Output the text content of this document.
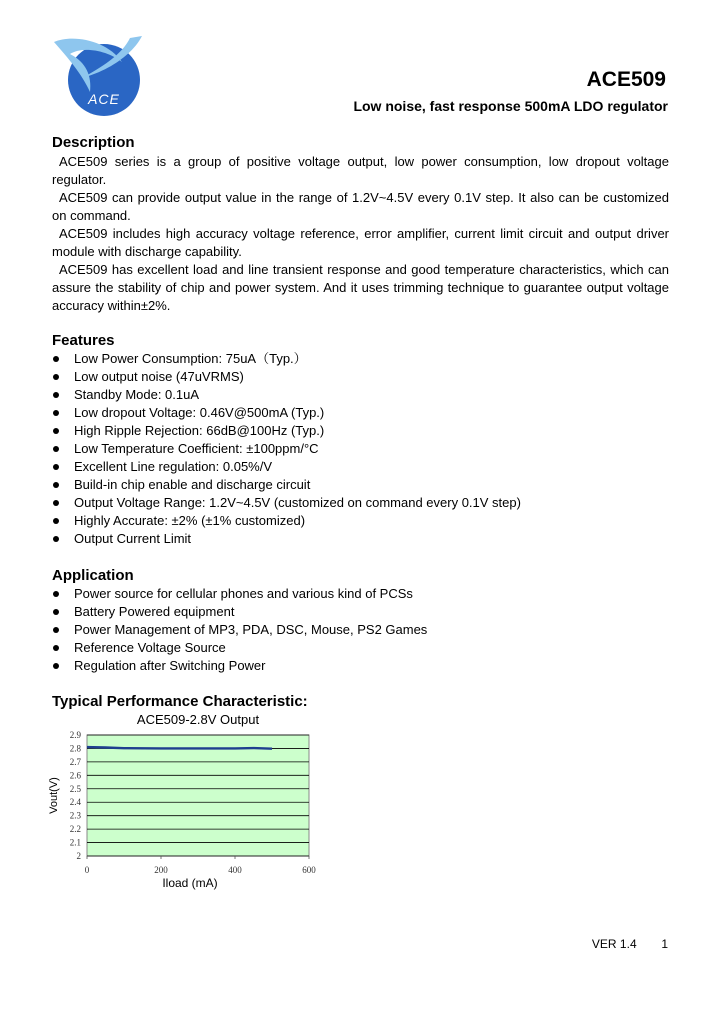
ACE
ACE509
Low noise, fast response 500mA LDO regulator
Description
ACE509 series is a group of positive voltage output, low power consumption, low dropout voltage regulator.
ACE509 can provide output value in the range of 1.2V~4.5V every 0.1V step. It also can be customized on command.
ACE509 includes high accuracy voltage reference, error amplifier, current limit circuit and output driver module with discharge capability.
ACE509 has excellent load and line transient response and good temperature characteristics, which can assure the stability of chip and power system. And it uses trimming technique to guarantee output voltage accuracy within±2%.
Features
Low Power Consumption: 75uA（Typ.）
Low output noise (47uVRMS)
Standby Mode: 0.1uA
Low dropout Voltage: 0.46V@500mA (Typ.)
High Ripple Rejection: 66dB@100Hz (Typ.)
Low Temperature Coefficient: ±100ppm/°C
Excellent Line regulation: 0.05%/V
Build-in chip enable and discharge circuit
Output Voltage Range: 1.2V~4.5V (customized on command every 0.1V step)
Highly Accurate: ±2% (±1% customized)
Output Current Limit
Application
Power source for cellular phones and various kind of PCSs
Battery Powered equipment
Power Management of MP3, PDA, DSC, Mouse, PS2 Games
Reference Voltage Source
Regulation after Switching Power
Typical Performance Characteristic:
ACE509-2.8V Output
2.9
2.8
2.7
2.6
2.5
2.4
2.3
2.2
2.1
2
0	200	400	600
Iload (mA)
Vout(V)
VER 1.4 1
